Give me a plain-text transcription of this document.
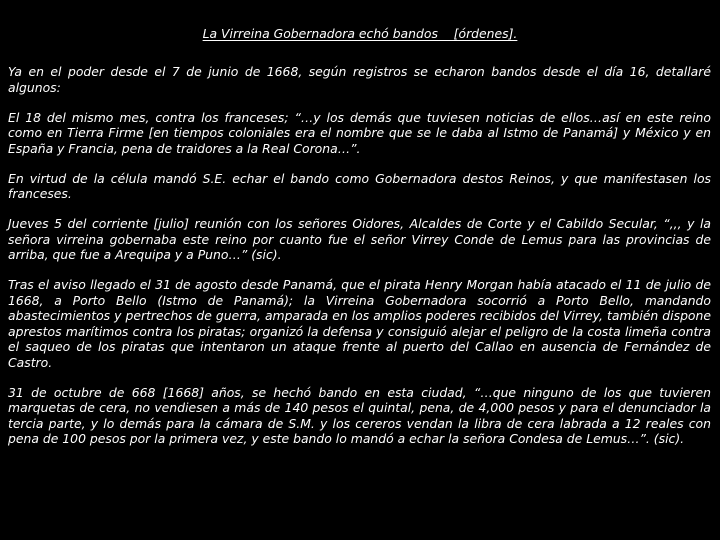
La Virreina Gobernadora echó bandos    [órdenes].

Ya en el poder desde el 7 de junio de 1668, según registros se echaron bandos desde el día 16, detallaré algunos:

El 18 del mismo mes, contra los franceses; “…y los demás que tuviesen noticias de ellos…así en este reino como en Tierra Firme [en tiempos coloniales era el nombre que se le daba al Istmo de Panamá] y México y en España y Francia, pena de traidores a la Real Corona…”.

En virtud de la célula mandó S.E. echar el bando como Gobernadora destos Reinos, y que manifestasen los franceses.

Jueves 5 del corriente [julio] reunión con los señores Oidores, Alcaldes de Corte y el Cabildo Secular, “,,, y la señora virreina gobernaba este reino por cuanto fue el señor Virrey Conde de Lemus para las provincias de arriba, que fue a Arequipa y a Puno…” (sic).

Tras el aviso llegado el 31 de agosto desde Panamá, que el pirata Henry Morgan había atacado el 11 de julio de 1668, a Porto Bello (Istmo de Panamá); la Virreina Gobernadora socorrió a Porto Bello, mandando abastecimientos y pertrechos de guerra, amparada en los amplios poderes recibidos del Virrey, también dispone aprestos marítimos contra los piratas; organizó la defensa y consiguió alejar el peligro de la costa limeña contra el saqueo de los piratas que intentaron un ataque frente al puerto del Callao en ausencia de Fernández de Castro.

31 de octubre de 668 [1668] años, se hechó bando en esta ciudad, “…que ninguno de los que tuvieren marquetas de cera, no vendiesen a más de 140 pesos el quintal, pena, de 4,000 pesos y para el denunciador la tercia parte, y lo demás para la cámara de S.M. y los cereros vendan la libra de cera labrada a 12 reales con pena de 100 pesos por la primera vez, y este bando lo mandó a echar la señora Condesa de Lemus…”. (sic).
